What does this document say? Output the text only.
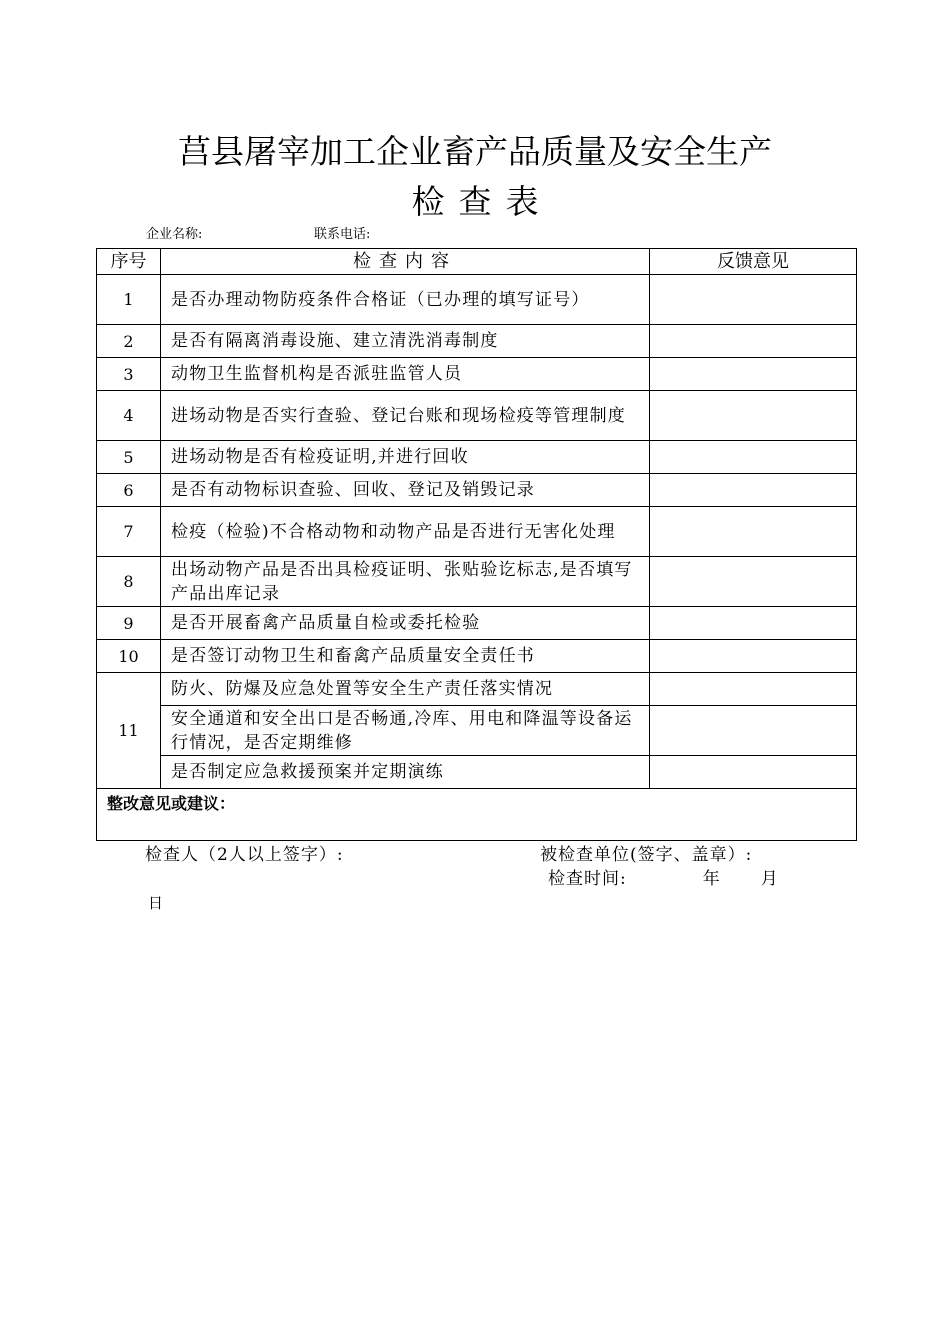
莒县屠宰加工企业畜产品质量及安全生产
检查表
企业名称:	联系电话:
序号	检查内容	反馈意见
1	是否办理动物防疫条件合格证（已办理的填写证号）	
2	是否有隔离消毒设施、建立清洗消毒制度	
3	动物卫生监督机构是否派驻监管人员	
4	进场动物是否实行查验、登记台账和现场检疫等管理制度	
5	进场动物是否有检疫证明,并进行回收	
6	是否有动物标识查验、回收、登记及销毁记录	
7	检疫（检验)不合格动物和动物产品是否进行无害化处理	
8	出场动物产品是否出具检疫证明、张贴验讫标志,是否填写产品出库记录	
9	是否开展畜禽产品质量自检或委托检验	
10	是否签订动物卫生和畜禽产品质量安全责任书	
11	防火、防爆及应急处置等安全生产责任落实情况	
	安全通道和安全出口是否畅通,冷库、用电和降温等设备运行情况，是否定期维修	
	是否制定应急救援预案并定期演练	
整改意见或建议：		
检查人（2人以上签字）:	被检查单位(签字、盖章）:
检查时间:	年 月
日
